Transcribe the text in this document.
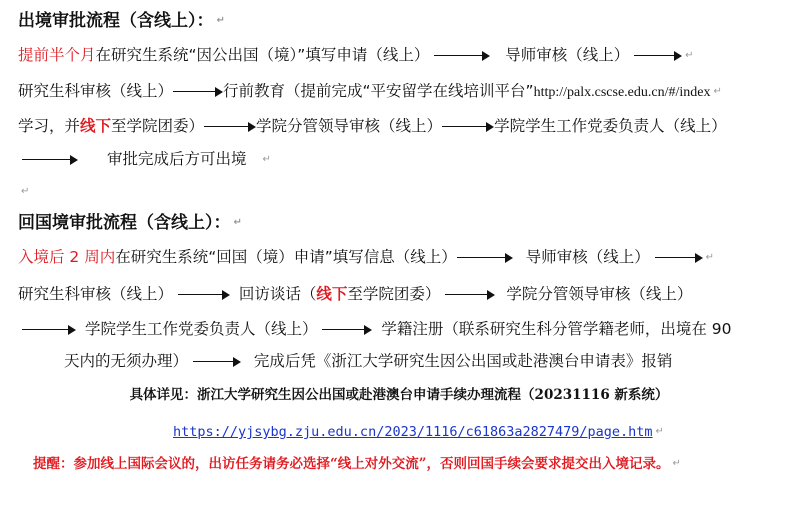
出境审批流程（含线上）： ↵
提前半个月在研究生系统“因公出国（境）”填写申请（线上）	导师审核（线上）	↵
研究生科审核（线上）	行前教育（提前完成“平安留学在线培训平台”http://palx.cscse.edu.cn/#/index ↵
学习，并线下至学院团委）	学院分管领导审核（线上）	学院学生工作党委负责人（线上）
审批完成后方可出境 ↵
↵
回国境审批流程（含线上）： ↵
入境后 2 周内在研究生系统“回国（境）申请”填写信息（线上）	导师审核（线上）	↵
研究生科审核（线上）	回访谈话（线下至学院团委）	学院分管领导审核（线上）
学院学生工作党委负责人（线上）	学籍注册（联系研究生科分管学籍老师，出境在 90
天内的无须办理）	完成后凭《浙江大学研究生因公出国或赴港澳台申请表》报销
具体详见：浙江大学研究生因公出国或赴港澳台申请手续办理流程（20231116 新系统）
https://yjsybg.zju.edu.cn/2023/1116/c61863a2827479/page.htm ↵
提醒：参加线上国际会议的，出访任务请务必选择“线上对外交流”，否则回国手续会要求提交出入境记录。 ↵
